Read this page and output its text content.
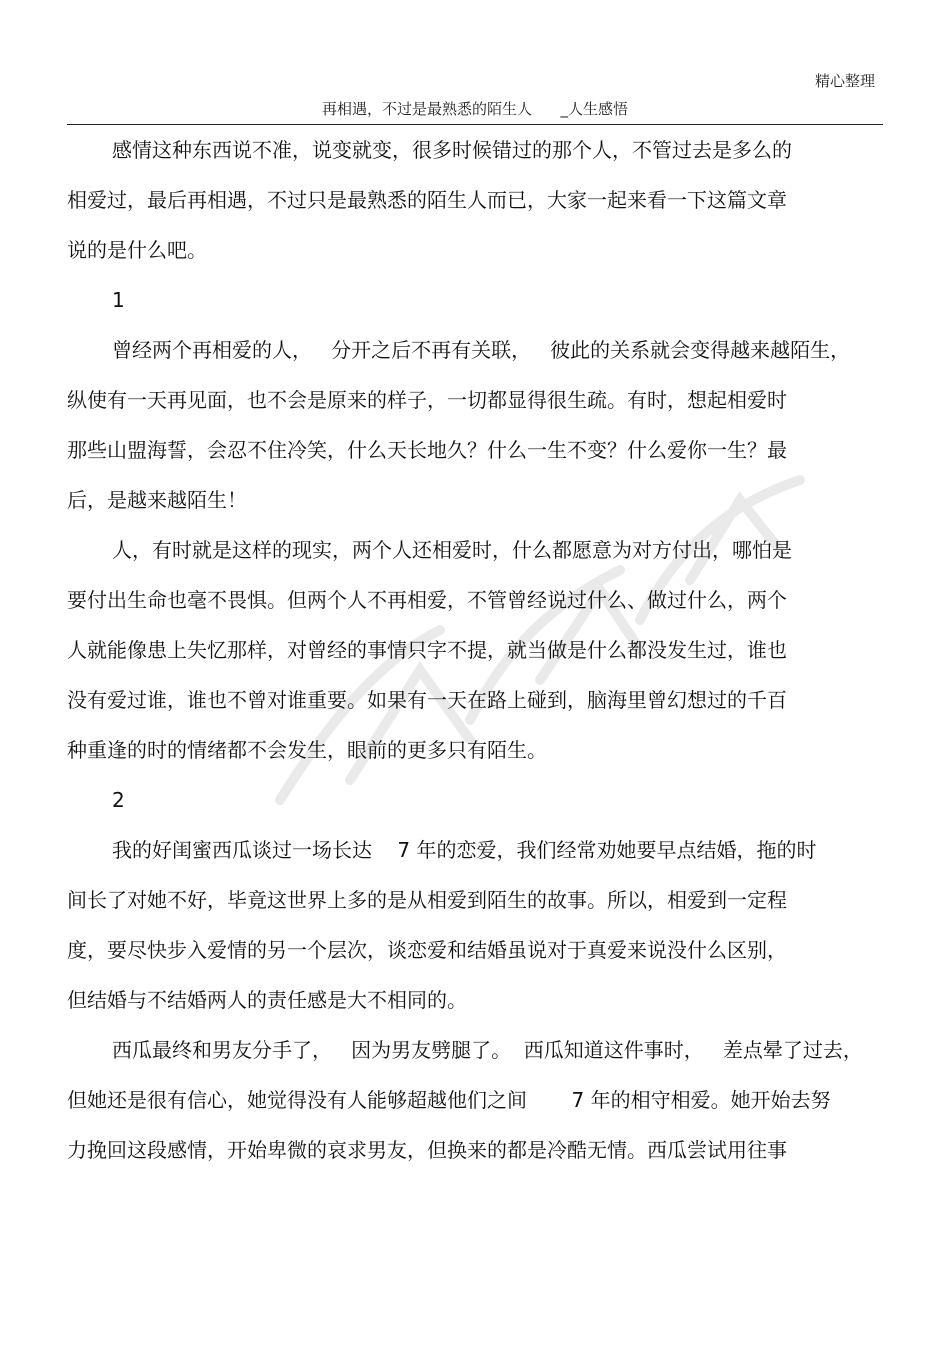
精心整理
再相遇，不过是最熟悉的陌生人      _人生感悟
感情这种东西说不准，说变就变，很多时候错过的那个人，不管过去是多么的
相爱过，最后再相遇，不过只是最熟悉的陌生人而已，大家一起来看一下这篇文章
说的是什么吧。
1
曾经两个再相爱的人，   分开之后不再有关联，   彼此的关系就会变得越来越陌生，
纵使有一天再见面，也不会是原来的样子，一切都显得很生疏。有时，想起相爱时
那些山盟海誓，会忍不住冷笑，什么天长地久？什么一生不变？什么爱你一生？最
后，是越来越陌生！
人，有时就是这样的现实，两个人还相爱时，什么都愿意为对方付出，哪怕是
要付出生命也毫不畏惧。但两个人不再相爱，不管曾经说过什么、做过什么，两个
人就能像患上失忆那样，对曾经的事情只字不提，就当做是什么都没发生过，谁也
没有爱过谁，谁也不曾对谁重要。如果有一天在路上碰到，脑海里曾幻想过的千百
种重逢的时的情绪都不会发生，眼前的更多只有陌生。
2
我的好闺蜜西瓜谈过一场长达    7 年的恋爱，我们经常劝她要早点结婚，拖的时
间长了对她不好，毕竟这世界上多的是从相爱到陌生的故事。所以，相爱到一定程
度，要尽快步入爱情的另一个层次，谈恋爱和结婚虽说对于真爱来说没什么区别，
但结婚与不结婚两人的责任感是大不相同的。
西瓜最终和男友分手了，   因为男友劈腿了。  西瓜知道这件事时，   差点晕了过去，
但她还是很有信心，她觉得没有人能够超越他们之间       7 年的相守相爱。她开始去努
力挽回这段感情，开始卑微的哀求男友，但换来的都是冷酷无情。西瓜尝试用往事
